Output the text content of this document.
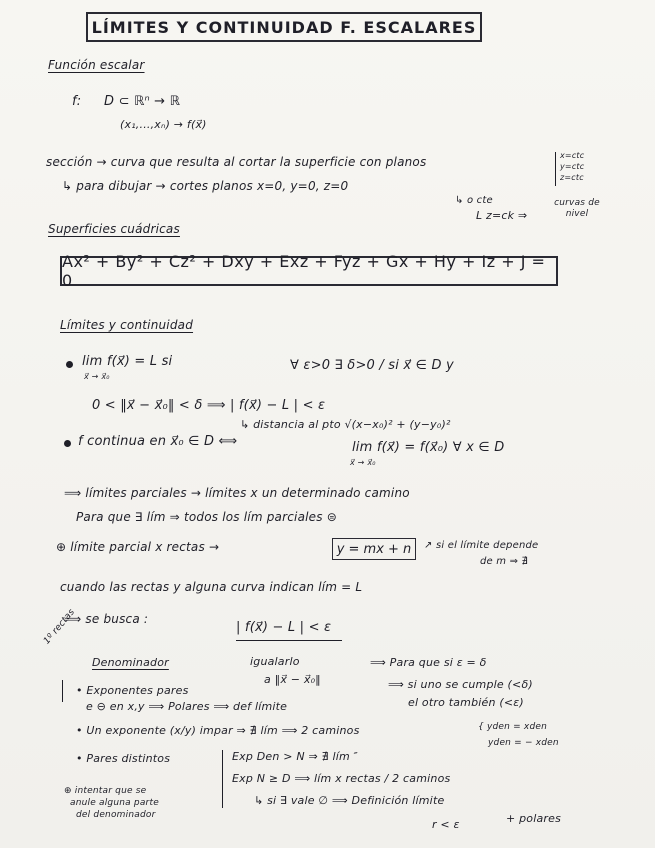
LÍMITES Y CONTINUIDAD F. ESCALARES
Función escalar
f: D ⊂ ℝⁿ → ℝ
(x₁,...,xₙ) → f(x⃗)
sección → curva que resulta al cortar la superficie con planos	x=ctc
y=ctc
z=ctc
↳ para dibujar → cortes planos x=0, y=0, z=0
↳ o cte
L z=ck ⇒
curvas de nivel
Superficies cuádricas
Ax² + By² + Cz² + Dxy + Exz + Fyz + Gx + Hy + Iz + J = 0
Límites y continuidad
lim f(x⃗) = L si
x⃗ → x⃗₀
∀ ε>0 ∃ δ>0 / si x⃗ ∈ D y
0 < ‖x⃗ − x⃗₀‖ < δ ⟹ | f(x⃗) − L | < ε
↳ distancia al pto √(x−x₀)² + (y−y₀)²
f continua en x⃗₀ ∈ D ⟺	lim f(x⃗) = f(x⃗₀) ∀ x ∈ D
x⃗ → x⃗₀
⟹ límites parciales → límites x un determinado camino
Para que ∃ lím ⇒ todos los lím parciales ⊜
⊕ límite parcial x rectas →	y = mx + n ↗ si el límite depende
de m ⇒ ∄
cuando las rectas y alguna curva indican lím = L
⟹ se busca :
| f(x⃗) − L | < ε
igualarlo
a ‖x⃗ − x⃗₀‖
⟹ Para que si ε = δ
⟹ si uno se cumple (<δ)
el otro también (<ε)
1º rectas
Denominador
• Exponentes pares
e ⊖ en x,y ⟹ Polares ⟹ def límite
• Un exponente (x/y) impar ⇒ ∄ lím ⟹ 2 caminos	{ yden = xden
yden = − xden
• Pares distintos	Exp Den > N ⇒ ∄ lím ″
Exp N ≥ D ⟹ lím x rectas / 2 caminos
↳ si ∃ vale ∅ ⟹ Definición límite
⊕ intentar que se
anule alguna parte
del denominador
r < ε	+ polares
